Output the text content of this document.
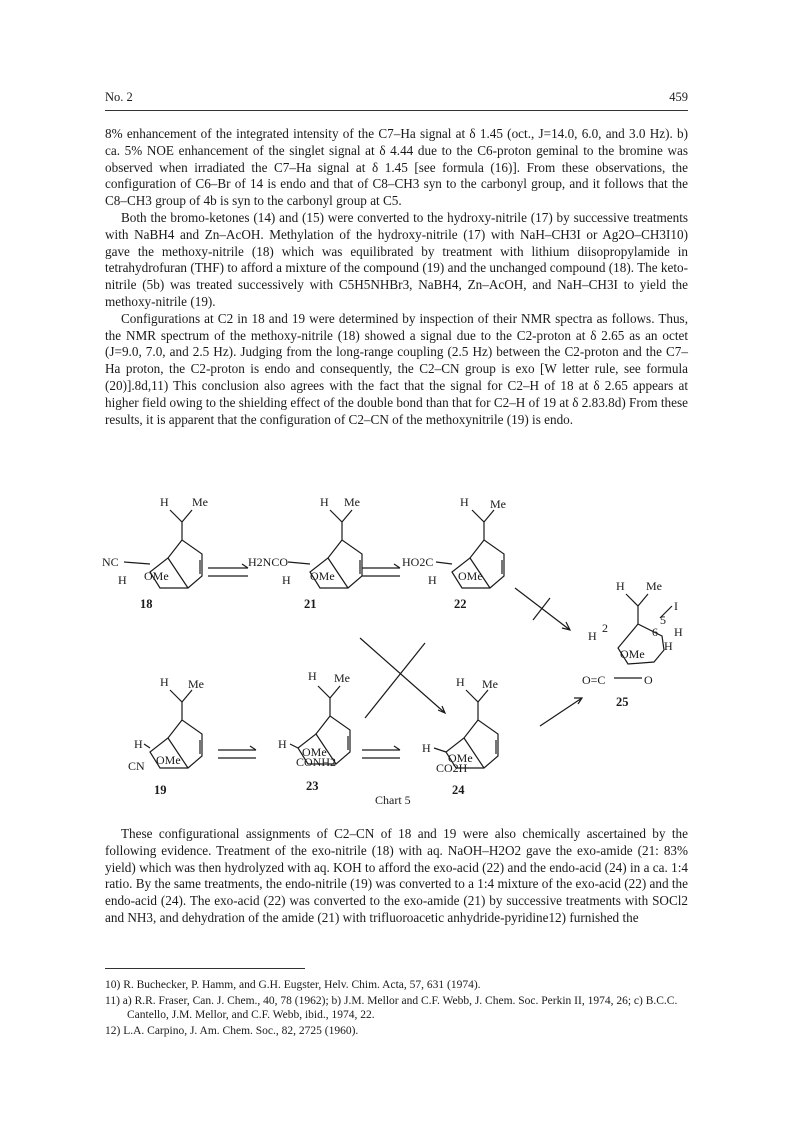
No. 2	459

8% enhancement of the integrated intensity of the C7–Ha signal at δ 1.45 (oct., J=14.0, 6.0, and 3.0 Hz). b) ca. 5% NOE enhancement of the singlet signal at δ 4.44 due to the C6-proton geminal to the bromine was observed when irradiated the C7–Ha signal at δ 1.45 [see formula (16)]. From these observations, the configuration of C6–Br of 14 is endo and that of C8–CH3 syn to the carbonyl group, and it follows that the C8–CH3 group of 4b is syn to the carbonyl group at C5.

Both the bromo-ketones (14) and (15) were converted to the hydroxy-nitrile (17) by successive treatments with NaBH4 and Zn–AcOH. Methylation of the hydroxy-nitrile (17) with NaH–CH3I or Ag2O–CH3I10) gave the methoxy-nitrile (18) which was equilibrated by treatment with lithium diisopropylamide in tetrahydrofuran (THF) to afford a mixture of the compound (19) and the unchanged compound (18). The keto-nitrile (5b) was treated successively with C5H5NHBr3, NaBH4, Zn–AcOH, and NaH–CH3I to yield the methoxy-nitrile (19).

Configurations at C2 in 18 and 19 were determined by inspection of their NMR spectra as follows. Thus, the NMR spectrum of the methoxy-nitrile (18) showed a signal due to the C2-proton at δ 2.65 as an octet (J=9.0, 7.0, and 2.5 Hz). Judging from the long-range coupling (2.5 Hz) between the C2-proton and the C7–Ha proton, the C2-proton is endo and consequently, the C2–CN group is exo [W letter rule, see formula (20)].8d,11) This conclusion also agrees with the fact that the signal for C2–H of 18 at δ 2.65 appears at higher field owing to the shielding effect of the double bond than that for C2–H of 19 at δ 2.83.8d) From these results, it is apparent that the configuration of C2–CN of the methoxynitrile (19) is endo.

H Me
NC
H OMe
18
H Me
H2NCO
H OMe
21
H Me
HO2C
H OMe
22
H Me
I
H
H
H
2
5
6
OMe
O=C	O
25
H Me
H
CN OMe
19
H Me
H
CONH2
OMe
23
H Me
H
CO2H
OMe
24
Chart 5

These configurational assignments of C2–CN of 18 and 19 were also chemically ascertained by the following evidence. Treatment of the exo-nitrile (18) with aq. NaOH–H2O2 gave the exo-amide (21: 83% yield) which was then hydrolyzed with aq. KOH to afford the exo-acid (22) and the endo-acid (24) in a ca. 1:4 ratio. By the same treatments, the endo-nitrile (19) was converted to a 1:4 mixture of the exo-acid (22) and the endo-acid (24). The exo-acid (22) was converted to the exo-amide (21) by successive treatments with SOCl2 and NH3, and dehydration of the amide (21) with trifluoroacetic anhydride-pyridine12) furnished the

10) R. Buchecker, P. Hamm, and G.H. Eugster, Helv. Chim. Acta, 57, 631 (1974).

11) a) R.R. Fraser, Can. J. Chem., 40, 78 (1962); b) J.M. Mellor and C.F. Webb, J. Chem. Soc. Perkin II, 1974, 26; c) B.C.C. Cantello, J.M. Mellor, and C.F. Webb, ibid., 1974, 22.

12) L.A. Carpino, J. Am. Chem. Soc., 82, 2725 (1960).
